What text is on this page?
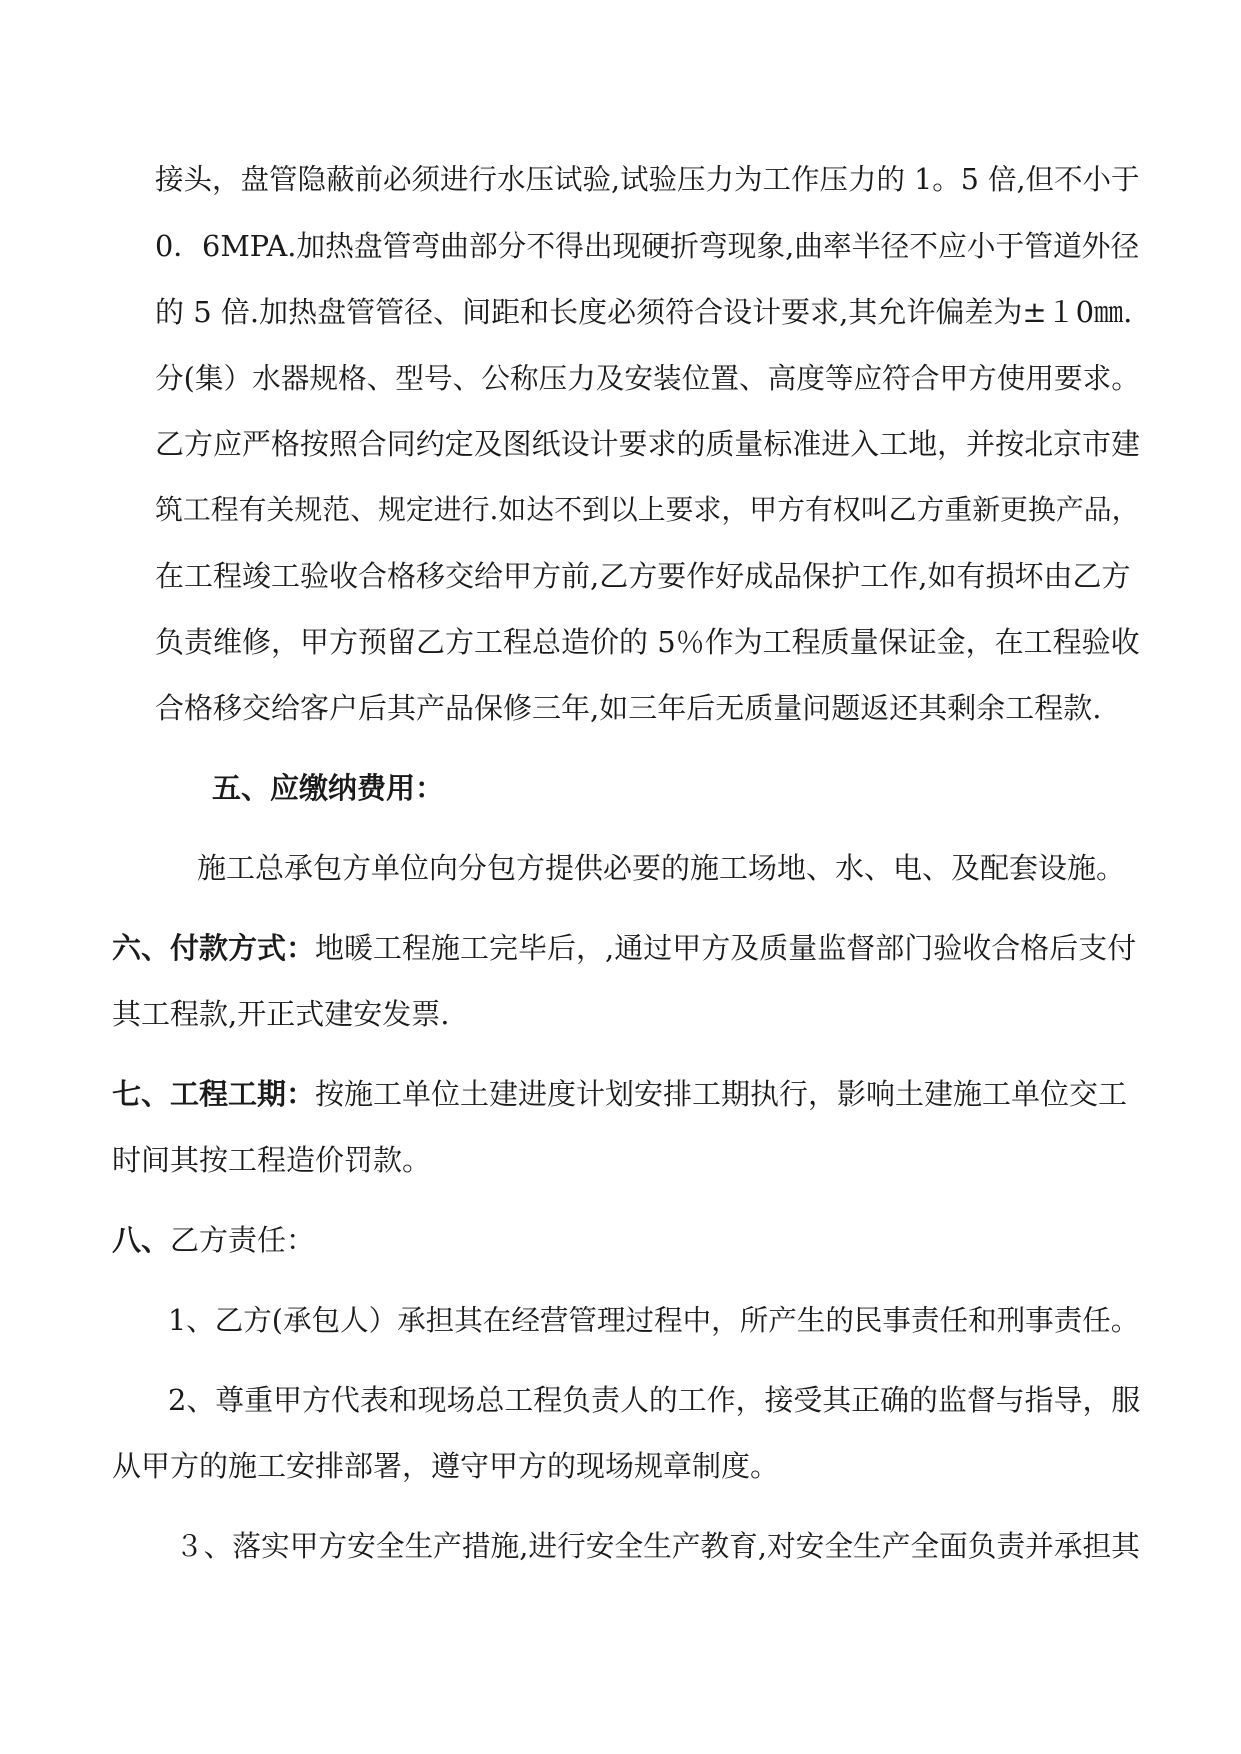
接头，盘管隐蔽前必须进行水压试验,试验压力为工作压力的 1。5 倍,但不小于
0．6MPA.加热盘管弯曲部分不得出现硬折弯现象,曲率半径不应小于管道外径
的 5 倍.加热盘管管径、间距和长度必须符合设计要求,其允许偏差为±１0㎜.
分(集）水器规格、型号、公称压力及安装位置、高度等应符合甲方使用要求。
乙方应严格按照合同约定及图纸设计要求的质量标准进入工地，并按北京市建
筑工程有关规范、规定进行.如达不到以上要求，甲方有权叫乙方重新更换产品，
在工程竣工验收合格移交给甲方前,乙方要作好成品保护工作,如有损坏由乙方
负责维修，甲方预留乙方工程总造价的 5％作为工程质量保证金，在工程验收
合格移交给客户后其产品保修三年,如三年后无质量问题返还其剩余工程款.
五、应缴纳费用：
施工总承包方单位向分包方提供必要的施工场地、水、电、及配套设施。
六、付款方式：地暖工程施工完毕后，,通过甲方及质量监督部门验收合格后支付
其工程款,开正式建安发票.
七、工程工期：按施工单位土建进度计划安排工期执行，影响土建施工单位交工
时间其按工程造价罚款。
八、乙方责任：
1、乙方(承包人）承担其在经营管理过程中，所产生的民事责任和刑事责任。
2、尊重甲方代表和现场总工程负责人的工作，接受其正确的监督与指导，服
从甲方的施工安排部署，遵守甲方的现场规章制度。
３、落实甲方安全生产措施,进行安全生产教育,对安全生产全面负责并承担其
